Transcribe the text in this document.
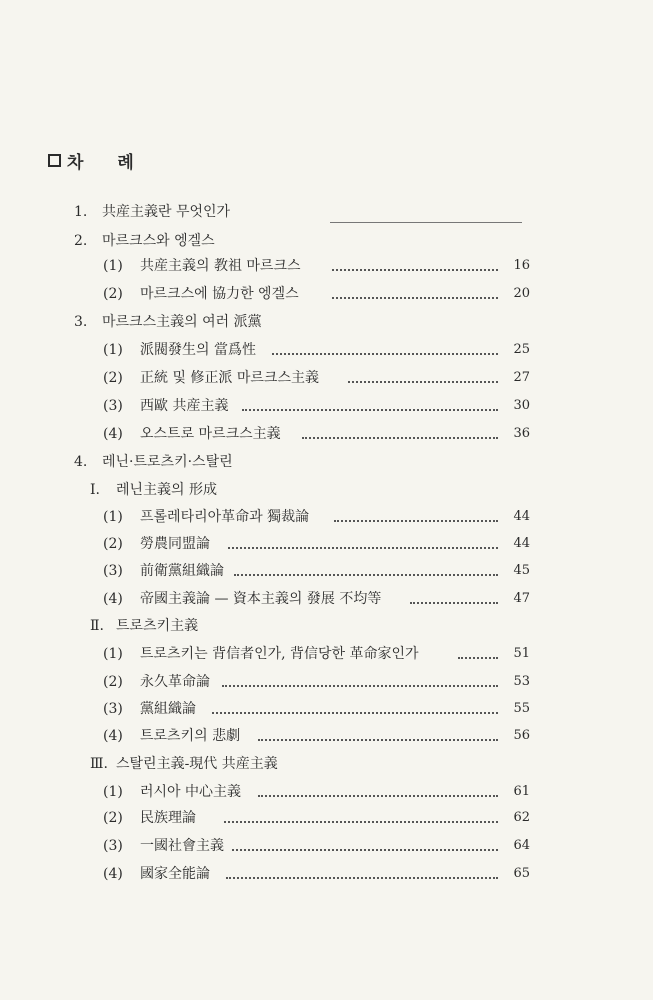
차 례
1. 共産主義란 무엇인가
2. 마르크스와 엥겔스
(1) 共産主義의 教祖 마르크스	16
(2) 마르크스에 協力한 엥겔스	20
3. 마르크스主義의 여러 派黨
(1) 派閥發生의 當爲性	25
(2) 正統 및 修正派 마르크스主義	27
(3) 西歐 共産主義	30
(4) 오스트로 마르크스主義	36
4. 레닌·트로츠키·스탈린
Ⅰ. 레닌主義의 形成
(1) 프롤레타리아革命과 獨裁論	44
(2) 勞農同盟論	44
(3) 前衛黨組織論	45
(4) 帝國主義論 — 資本主義의 發展 不均等	47
Ⅱ. 트로츠키主義
(1) 트로츠키는 背信者인가, 背信당한 革命家인가	51
(2) 永久革命論	53
(3) 黨組織論	55
(4) 트로츠키의 悲劇	56
Ⅲ. 스탈린主義-現代 共産主義
(1) 러시아 中心主義	61
(2) 民族理論	62
(3) 一國社會主義	64
(4) 國家全能論	65
